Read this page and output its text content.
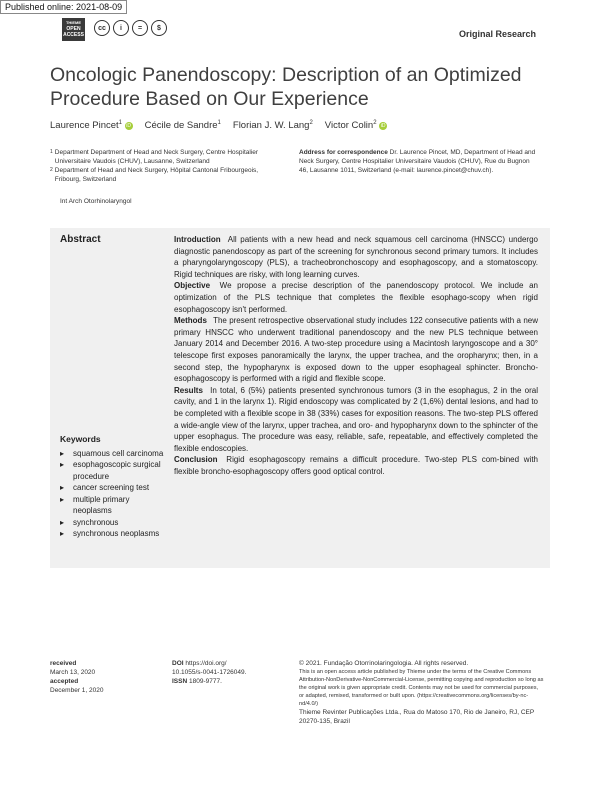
Published online: 2021-08-09
THIEME
OPEN
ACCESS
cc	i	=	$
Original Research
Oncologic Panendoscopy: Description of an Optimized Procedure Based on Our Experience
Laurence Pincet$^1$ iD Cécile de Sandre$^1$ Florian J. W. Lang$^2$ Victor Colin$^2$ iD
1 Department Department of Head and Neck Surgery, Centre Hospitalier Universitaire Vaudois (CHUV), Lausanne, Switzerland
2 Department of Head and Neck Surgery, Hôpital Cantonal Fribourgeois, Fribourg, Switzerland
Address for correspondence Dr. Laurence Pincet, MD, Department of Head and Neck Surgery, Centre Hospitalier Universitaire Vaudois (CHUV), Rue du Bugnon 46, Lausanne 1011, Switzerland (e-mail: laurence.pincet@chuv.ch).
Int Arch Otorhinolaryngol
Abstract	Introduction All patients with a new head and neck squamous cell carcinoma (HNSCC) undergo diagnostic panendoscopy as part of the screening for synchronous second primary tumors. It includes a pharyngolaryngoscopy (PLS), a tracheobronchoscopy and esophagoscopy, and a stomatoscopy. Rigid techniques are risky, with long learning curves.

Objective We propose a precise description of the panendoscopy protocol. We include an optimization of the PLS technique that completes the flexible esophago-scopy when rigid esophagoscopy isn't performed.

Methods The present retrospective observational study includes 122 consecutive patients with a new primary HNSCC who underwent traditional panendoscopy and the new PLS technique between January 2014 and December 2016. A two-step procedure using a Macintosh laryngoscope and a 30° telescope first exposes panoramically the larynx, the upper trachea, and the oropharynx; then, in a second step, the hypopharynx is exposed down to the upper esophageal sphincter. Broncho-esophagoscopy is performed with a rigid and flexible scope.

Results In total, 6 (5%) patients presented synchronous tumors (3 in the esophagus, 2 in the oral cavity, and 1 in the larynx 1). Rigid endoscopy was complicated by 2 (1,6%) dental lesions, and had to be completed with a flexible scope in 38 (33%) cases for exposition reasons. The two-step PLS offered a wide-angle view of the larynx, upper trachea, and oro- and hypopharynx down to the sphincter of the upper esophagus. The procedure was easy, reliable, safe, repeatable, and effectively completed the flexible endoscopies.

Conclusion Rigid esophagoscopy remains a difficult procedure. Two-step PLS com-bined with flexible broncho-esophagoscopy offers good optical control.

Keywords
▸	squamous cell carcinoma
▸	esophagoscopic surgical procedure
▸	cancer screening test
▸	multiple primary neoplasms
▸	synchronous
▸	synchronous neoplasms
received
March 13, 2020
accepted
December 1, 2020
DOI https://doi.org/
10.1055/s-0041-1726049.
ISSN 1809-9777.
© 2021. Fundação Otorrinolaringologia. All rights reserved.
This is an open access article published by Thieme under the terms of the Creative Commons Attribution-NonDerivative-NonCommercial-License, permitting copying and reproduction so long as the original work is given appropriate credit. Contents may not be used for commercial purposes, or adapted, remixed, transformed or built upon. (https://creativecommons.org/licenses/by-nc-nd/4.0/)
Thieme Revinter Publicações Ltda., Rua do Matoso 170, Rio de Janeiro, RJ, CEP 20270-135, Brazil
